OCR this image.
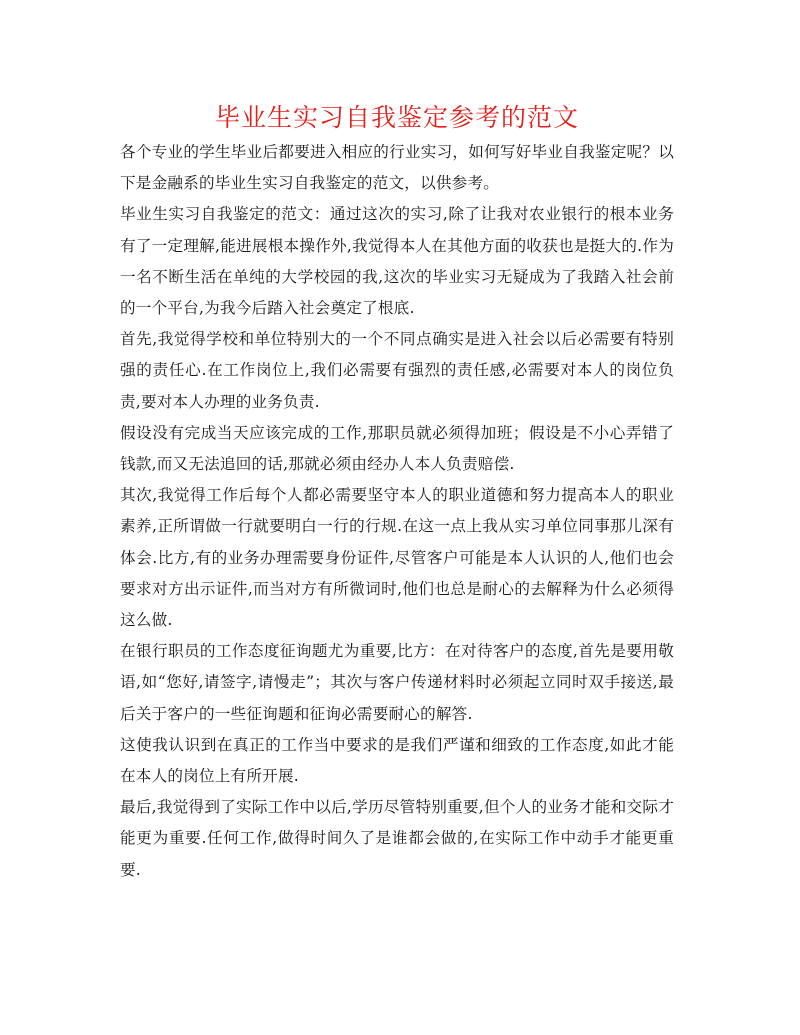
毕业生实习自我鉴定参考的范文

各个专业的学生毕业后都要进入相应的行业实习，如何写好毕业自我鉴定呢？以下是金融系的毕业生实习自我鉴定的范文，以供参考。

毕业生实习自我鉴定的范文：通过这次的实习,除了让我对农业银行的根本业务有了一定理解,能进展根本操作外,我觉得本人在其他方面的收获也是挺大的.作为一名不断生活在单纯的大学校园的我,这次的毕业实习无疑成为了我踏入社会前的一个平台,为我今后踏入社会奠定了根底.

首先,我觉得学校和单位特别大的一个不同点确实是进入社会以后必需要有特别强的责任心.在工作岗位上,我们必需要有强烈的责任感,必需要对本人的岗位负责,要对本人办理的业务负责.

假设没有完成当天应该完成的工作,那职员就必须得加班；假设是不小心弄错了钱款,而又无法追回的话,那就必须由经办人本人负责赔偿.

其次,我觉得工作后每个人都必需要坚守本人的职业道德和努力提高本人的职业素养,正所谓做一行就要明白一行的行规.在这一点上我从实习单位同事那儿深有体会.比方,有的业务办理需要身份证件,尽管客户可能是本人认识的人,他们也会要求对方出示证件,而当对方有所微词时,他们也总是耐心的去解释为什么必须得这么做.

在银行职员的工作态度征询题尤为重要,比方：在对待客户的态度,首先是要用敬语,如“您好,请签字,请慢走”；其次与客户传递材料时必须起立同时双手接送,最后关于客户的一些征询题和征询必需要耐心的解答.

这使我认识到在真正的工作当中要求的是我们严谨和细致的工作态度,如此才能在本人的岗位上有所开展.

最后,我觉得到了实际工作中以后,学历尽管特别重要,但个人的业务才能和交际才能更为重要.任何工作,做得时间久了是谁都会做的,在实际工作中动手才能更重要.
